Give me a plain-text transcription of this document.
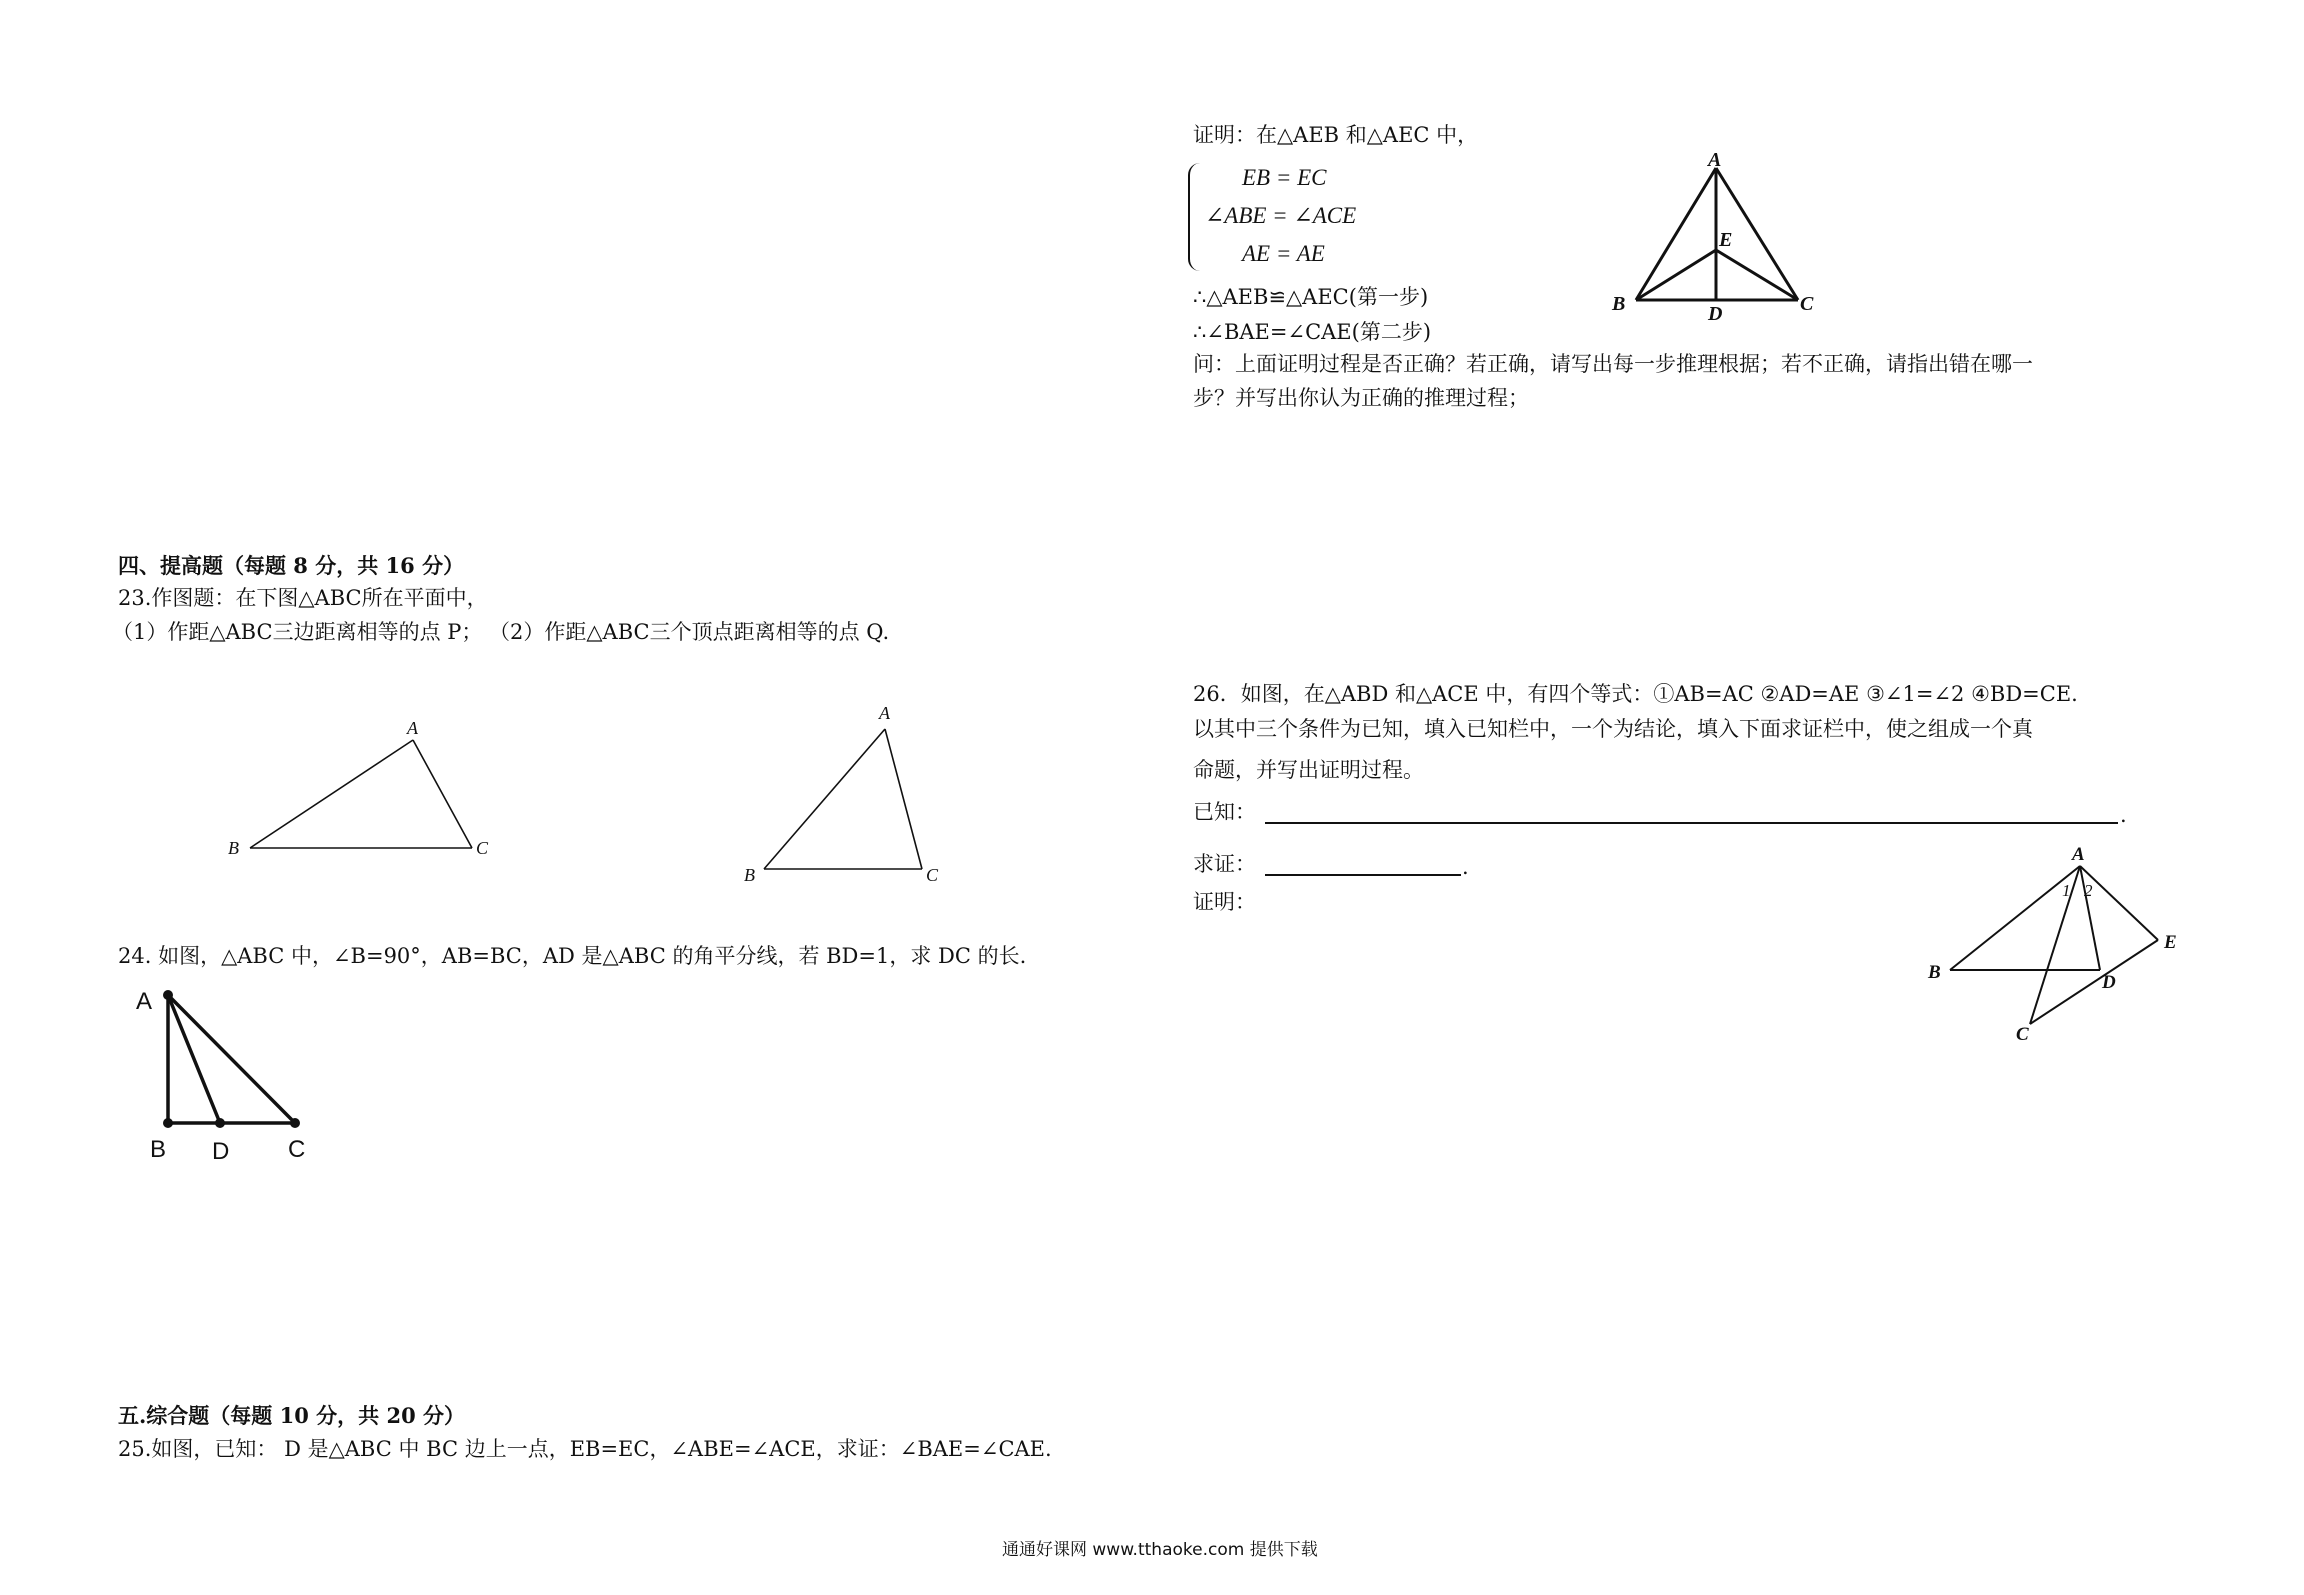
证明：在△AEB 和△AEC 中，
EB = EC
∠ABE = ∠ACE
AE = AE
∴△AEB≌△AEC(第一步)
∴∠BAE=∠CAE(第二步)
问：上面证明过程是否正确？若正确，请写出每一步推理根据；若不正确，请指出错在哪一
步？并写出你认为正确的推理过程；
A
B	C
D
E
四、提高题（每题 8 分，共 16 分）
23.作图题：在下图△ABC所在平面中，
（1）作距△ABC三边距离相等的点 P； （2）作距△ABC三个顶点距离相等的点 Q.
A
B	C
A
B	C
24. 如图，△ABC 中，∠B=90°，AB=BC，AD 是△ABC 的角平分线，若 BD=1，求 DC 的长.
A
B D C
26．如图，在△ABD 和△ACE 中，有四个等式：①AB=AC ②AD=AE ③∠1=∠2 ④BD=CE.
以其中三个条件为已知，填入已知栏中，一个为结论，填入下面求证栏中，使之组成一个真
命题，并写出证明过程。
已知：	.
求证：	.
证明：
A
B
C
D
E
1 2
五.综合题（每题 10 分，共 20 分）
25.如图，已知： D 是△ABC 中 BC 边上一点，EB=EC，∠ABE=∠ACE，求证：∠BAE=∠CAE.
通通好课网 www.tthaoke.com 提供下载
